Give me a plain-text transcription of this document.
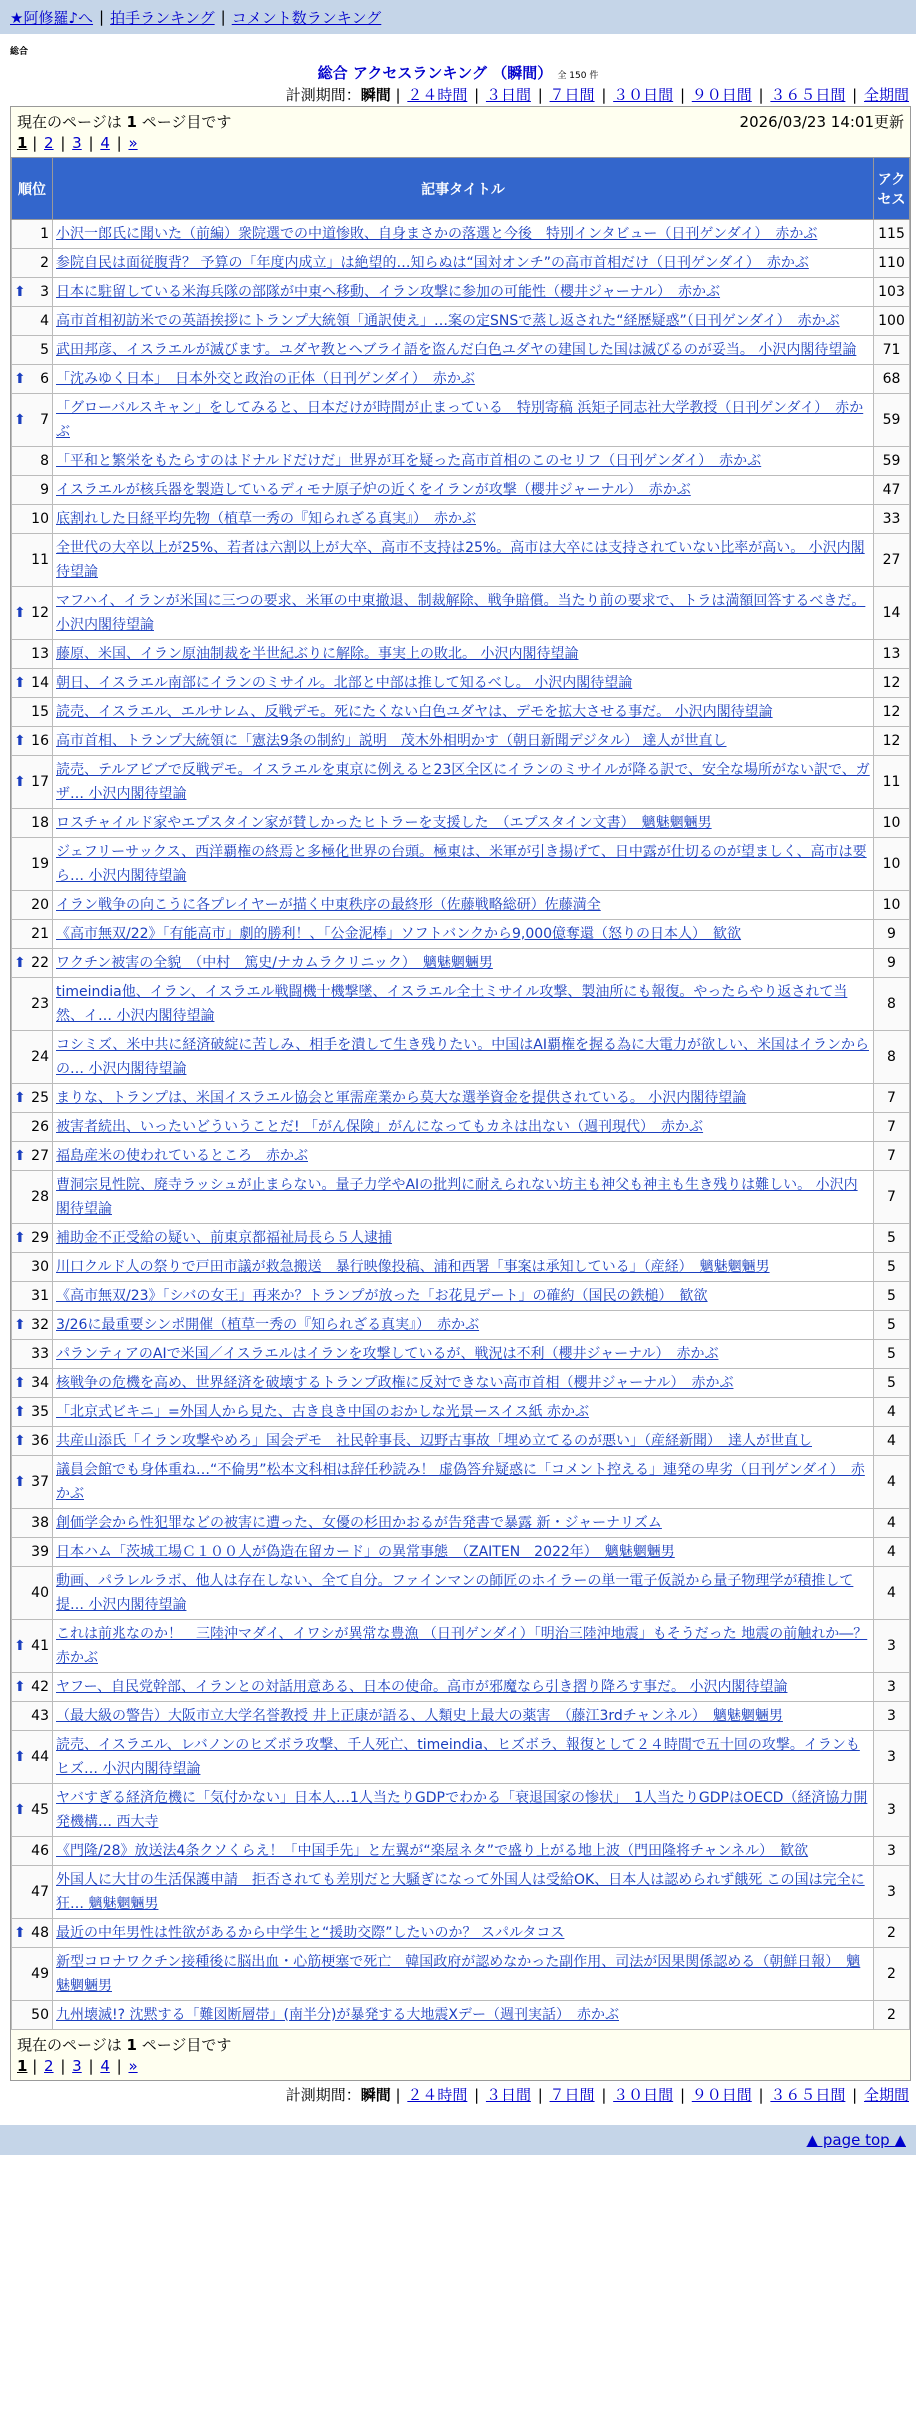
★阿修羅♪へ | 拍手ランキング | コメント数ランキング
総合
総合 アクセスランキング （瞬間） 全 150 件
計測期間：瞬間 | ２４時間 | ３日間 | ７日間 | ３０日間 | ９０日間 | ３６５日間 | 全期間
現在のページは 1 ページ目です	2026/03/23 14:01更新
1 | 2 | 3 | 4 | »
順位	記事タイトル	アクセス
1	小沢一郎氏に聞いた（前編）衆院選での中道惨敗、自身まさかの落選と今後　特別インタビュー（日刊ゲンダイ）　赤かぶ	115
2	参院自民は面従腹背？ 予算の「年度内成立」は絶望的…知らぬは“国対オンチ”の高市首相だけ（日刊ゲンダイ）　赤かぶ	110

⬆ 3	日本に駐留している米海兵隊の部隊が中東へ移動、イラン攻撃に参加の可能性（櫻井ジャーナル）　赤かぶ	103
4	高市首相初訪米での英語挨拶にトランプ大統領「通訳使え」…案の定SNSで蒸し返された“経歴疑惑”（日刊ゲンダイ）　赤かぶ	100
5	武田邦彦、イスラエルが滅びます。ユダヤ教とヘブライ語を盗んだ白色ユダヤの建国した国は滅びるのが妥当。 小沢内閣待望論	71

⬆ 6	「沈みゆく日本」　日本外交と政治の正体（日刊ゲンダイ）　赤かぶ	68

⬆ 7	「グローバルスキャン」をしてみると、日本だけが時間が止まっている　特別寄稿 浜矩子同志社大学教授（日刊ゲンダイ）　赤かぶ	59
8	「平和と繁栄をもたらすのはドナルドだけだ」世界が耳を疑った高市首相のこのセリフ（日刊ゲンダイ）　赤かぶ	59
9	イスラエルが核兵器を製造しているディモナ原子炉の近くをイランが攻撃（櫻井ジャーナル）　赤かぶ	47
10	底割れした日経平均先物（植草一秀の『知られざる真実』）　赤かぶ	33
11	全世代の大卒以上が25%、若者は六割以上が大卒、高市不支持は25%。高市は大卒には支持されていない比率が高い。 小沢内閣待望論	27

⬆ 12	マフハイ、イランが米国に三つの要求、米軍の中東撤退、制裁解除、戦争賠償。当たり前の要求で、トラは満額回答するべきだ。 小沢内閣待望論	14
13	藤原、米国、イラン原油制裁を半世紀ぶりに解除。事実上の敗北。 小沢内閣待望論	13

⬆ 14	朝日、イスラエル南部にイランのミサイル。北部と中部は推して知るべし。 小沢内閣待望論	12
15	読売、イスラエル、エルサレム、反戦デモ。死にたくない白色ユダヤは、デモを拡大させる事だ。 小沢内閣待望論	12

⬆ 16	高市首相、トランプ大統領に「憲法9条の制約」説明　茂木外相明かす（朝日新聞デジタル） 達人が世直し	12

⬆ 17	読売、テルアビブで反戦デモ。イスラエルを東京に例えると23区全区にイランのミサイルが降る訳で、安全な場所がない訳で、ガザ… 小沢内閣待望論	11
18	ロスチャイルド家やエプスタイン家が賛しかったヒトラーを支援した　（エプスタイン文書）　魑魅魍魎男	10
19	ジェフリーサックス、西洋覇権の終焉と多極化世界の台頭。極東は、米軍が引き揚げて、日中露が仕切るのが望ましく、高市は要ら… 小沢内閣待望論	10
20	イラン戦争の向こうに各プレイヤーが描く中東秩序の最終形（佐藤戦略総研）佐藤満全	10
21	《高市無双/22》「有能高市」劇的勝利！、「公金泥棒」ソフトバンクから9,000億奪還（怒りの日本人）　歓欲	9

⬆ 22	ワクチン被害の全貌　（中村　篤史/ナカムラクリニック）　魑魅魍魎男	9
23	timeindia他、イラン、イスラエル戦闘機十機撃墜、イスラエル全土ミサイル攻撃、製油所にも報復。やったらやり返されて当然、イ… 小沢内閣待望論	8
24	コシミズ、米中共に経済破綻に苦しみ、相手を潰して生き残りたい。中国はAI覇権を握る為に大電力が欲しい、米国はイランからの… 小沢内閣待望論	8

⬆ 25	まりな、トランプは、米国イスラエル協会と軍需産業から莫大な選挙資金を提供されている。 小沢内閣待望論	7
26	被害者続出、いったいどういうことだ! 「がん保険」がんになってもカネは出ない（週刊現代）　赤かぶ	7

⬆ 27	福島産米の使われているところ　赤かぶ	7
28	曹洞宗見性院、廃寺ラッシュが止まらない。量子力学やAIの批判に耐えられない坊主も神父も神主も生き残りは難しい。 小沢内閣待望論	7

⬆ 29	補助金不正受給の疑い、前東京都福祉局長ら５人逮捕	5
30	川口クルド人の祭りで戸田市議が救急搬送　暴行映像投稿、浦和西署「事案は承知している」（産経）　魑魅魍魎男	5
31	《高市無双/23》「シバの女王」再来か？トランプが放った「お花見デート」の確約（国民の鉄槌）　歓欲	5

⬆ 32	3/26に最重要シンポ開催（植草一秀の『知られざる真実』）　赤かぶ	5
33	パランティアのAIで米国／イスラエルはイランを攻撃しているが、戦況は不利（櫻井ジャーナル）　赤かぶ	5

⬆ 34	核戦争の危機を高め、世界経済を破壊するトランプ政権に反対できない高市首相（櫻井ジャーナル）　赤かぶ	5

⬆ 35	「北京式ビキニ」=外国人から見た、古き良き中国のおかしな光景ースイス紙 赤かぶ	4

⬆ 36	共産山添氏「イラン攻撃やめろ」国会デモ　社民幹事長、辺野古事故「埋め立てるのが悪い」（産経新聞）　達人が世直し	4

⬆ 37	議員会館でも身体重ね…“不倫男”松本文科相は辞任秒読み！ 虚偽答弁疑惑に「コメント控える」連発の卑劣（日刊ゲンダイ）　赤かぶ	4
38	創価学会から性犯罪などの被害に遭った、女優の杉田かおるが告発書で暴露 新・ジャーナリズム	4
39	日本ハム「茨城工場Ｃ１００人が偽造在留カード」の異常事態　（ZAITEN　2022年）　魑魅魍魎男	4
40	動画、パラレルラボ、他人は存在しない、全て自分。ファインマンの師匠のホイラーの単一電子仮説から量子物理学が積推して提… 小沢内閣待望論	4

⬆ 41	これは前兆なのか！　三陸沖マダイ、イワシが異常な豊漁 （日刊ゲンダイ）「明治三陸沖地震」もそうだった 地震の前触れか―？ 赤かぶ	3

⬆ 42	ヤフー、自民党幹部、イランとの対話用意ある、日本の使命。高市が邪魔なら引き摺り降ろす事だ。 小沢内閣待望論	3
43	（最大級の警告）大阪市立大学名誉教授 井上正康が語る、人類史上最大の薬害　（藤江3rdチャンネル）　魑魅魍魎男	3

⬆ 44	読売、イスラエル、レバノンのヒズボラ攻撃、千人死亡、timeindia、ヒズボラ、報復として２４時間で五十回の攻撃。イランもヒズ… 小沢内閣待望論	3

⬆ 45	ヤバすぎる経済危機に「気付かない」日本人…1人当たりGDPでわかる「衰退国家の惨状」　1人当たりGDPはOECD（経済協力開発機構… 西大寺	3
46	《門隆/28》放送法4条クソくらえ！「中国手先」と左翼が“楽屋ネタ”で盛り上がる地上波（門田隆将チャンネル）　歓欲	3
47	外国人に大甘の生活保護申請　拒否されても差別だと大騒ぎになって外国人は受給OK、日本人は認められず餓死 この国は完全に狂… 魑魅魍魎男	3

⬆ 48	最近の中年男性は性欲があるから中学生と“援助交際”したいのか？ スパルタコス	2
49	新型コロナワクチン接種後に脳出血・心筋梗塞で死亡　韓国政府が認めなかった副作用、司法が因果関係認める（朝鮮日報）　魑魅魍魎男	2
50	九州壊滅!? 沈黙する「難図断層帯」(南半分)が暴発する大地震Xデー（週刊実話）　赤かぶ	2
現在のページは 1 ページ目です
1 | 2 | 3 | 4 | »
計測期間：瞬間 | ２４時間 | ３日間 | ７日間 | ３０日間 | ９０日間 | ３６５日間 | 全期間
▲ page top ▲
